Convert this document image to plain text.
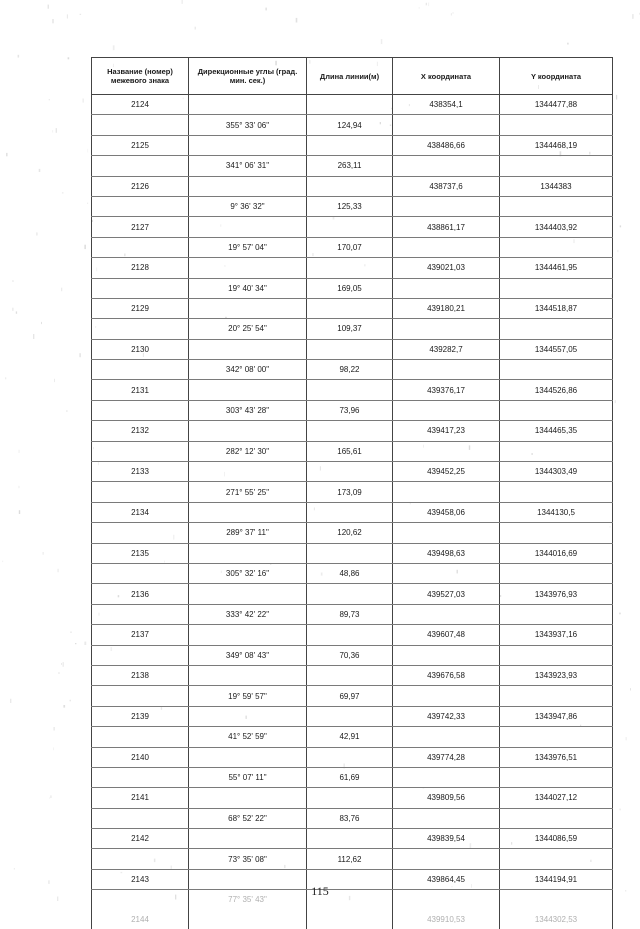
Название (номер) межевого знака	Дирекционные углы (град. мин. сек.)	Длина линии(м)	X координата	Y координата
2124			438354,1	1344477,88
	355° 33' 06"	124,94		
2125			438486,66	1344468,19
	341° 06' 31"	263,11		
2126			438737,6	1344383
	9° 36' 32"	125,33		
2127			438861,17	1344403,92
	19° 57' 04"	170,07		
2128			439021,03	1344461,95
	19° 40' 34"	169,05		
2129			439180,21	1344518,87
	20° 25' 54"	109,37		
2130			439282,7	1344557,05
	342° 08' 00"	98,22		
2131			439376,17	1344526,86
	303° 43' 28"	73,96		
2132			439417,23	1344465,35
	282° 12' 30"	165,61		
2133			439452,25	1344303,49
	271° 55' 25"	173,09		
2134			439458,06	1344130,5
	289° 37' 11"	120,62		
2135			439498,63	1344016,69
	305° 32' 16"	48,86		
2136			439527,03	1343976,93
	333° 42' 22"	89,73		
2137			439607,48	1343937,16
	349° 08' 43"	70,36		
2138			439676,58	1343923,93
	19° 59' 57"	69,97		
2139			439742,33	1343947,86
	41° 52' 59"	42,91		
2140			439774,28	1343976,51
	55° 07' 11"	61,69		
2141			439809,56	1344027,12
	68° 52' 22"	83,76		
2142			439839,54	1344086,59
	73° 35' 08"	112,62		
2143			439864,45	1344194,91
	77° 35' 43"			
2144			439910,53	1344302,53
115
